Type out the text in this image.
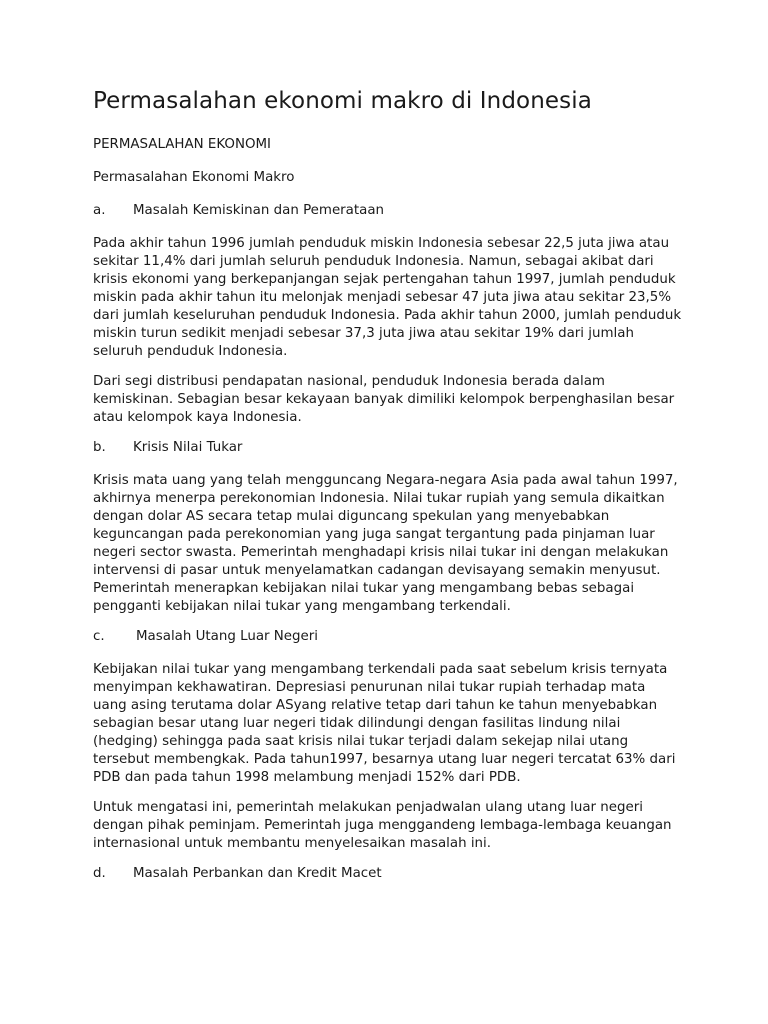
Permasalahan ekonomi makro di Indonesia

PERMASALAHAN EKONOMI

Permasalahan Ekonomi Makro

a.	Masalah Kemiskinan dan Pemerataan

Pada akhir tahun 1996 jumlah penduduk miskin Indonesia sebesar 22,5 juta jiwa atau sekitar 11,4% dari jumlah seluruh penduduk Indonesia. Namun, sebagai akibat dari krisis ekonomi yang berkepanjangan sejak pertengahan tahun 1997, jumlah penduduk miskin pada akhir tahun itu melonjak menjadi sebesar 47 juta jiwa atau sekitar 23,5% dari jumlah keseluruhan penduduk Indonesia. Pada akhir tahun 2000, jumlah penduduk miskin turun sedikit menjadi sebesar 37,3 juta jiwa atau sekitar 19% dari jumlah seluruh penduduk Indonesia.

Dari segi distribusi pendapatan nasional, penduduk Indonesia berada dalam kemiskinan. Sebagian besar kekayaan banyak dimiliki kelompok berpenghasilan besar atau kelompok kaya Indonesia.

b.	Krisis Nilai Tukar

Krisis mata uang yang telah mengguncang Negara-negara Asia pada awal tahun 1997, akhirnya menerpa perekonomian Indonesia. Nilai tukar rupiah yang semula dikaitkan dengan dolar AS secara tetap mulai diguncang spekulan yang menyebabkan keguncangan pada perekonomian yang juga sangat tergantung pada pinjaman luar negeri sector swasta. Pemerintah menghadapi krisis nilai tukar ini dengan melakukan intervensi di pasar untuk menyelamatkan cadangan devisayang semakin menyusut. Pemerintah menerapkan kebijakan nilai tukar yang mengambang bebas sebagai pengganti kebijakan nilai tukar yang mengambang terkendali.

c.	Masalah Utang Luar Negeri

Kebijakan nilai tukar yang mengambang terkendali pada saat sebelum krisis ternyata menyimpan kekhawatiran. Depresiasi penurunan nilai tukar rupiah terhadap mata uang asing terutama dolar ASyang relative tetap dari tahun ke tahun menyebabkan sebagian besar utang luar negeri tidak dilindungi dengan fasilitas lindung nilai (hedging) sehingga pada saat krisis nilai tukar terjadi dalam sekejap nilai utang tersebut membengkak. Pada tahun1997, besarnya utang luar negeri tercatat 63% dari PDB dan pada tahun 1998 melambung menjadi 152% dari PDB.

Untuk mengatasi ini, pemerintah melakukan penjadwalan ulang utang luar negeri dengan pihak peminjam. Pemerintah juga menggandeng lembaga-lembaga keuangan internasional untuk membantu menyelesaikan masalah ini.

d.	Masalah Perbankan dan Kredit Macet
